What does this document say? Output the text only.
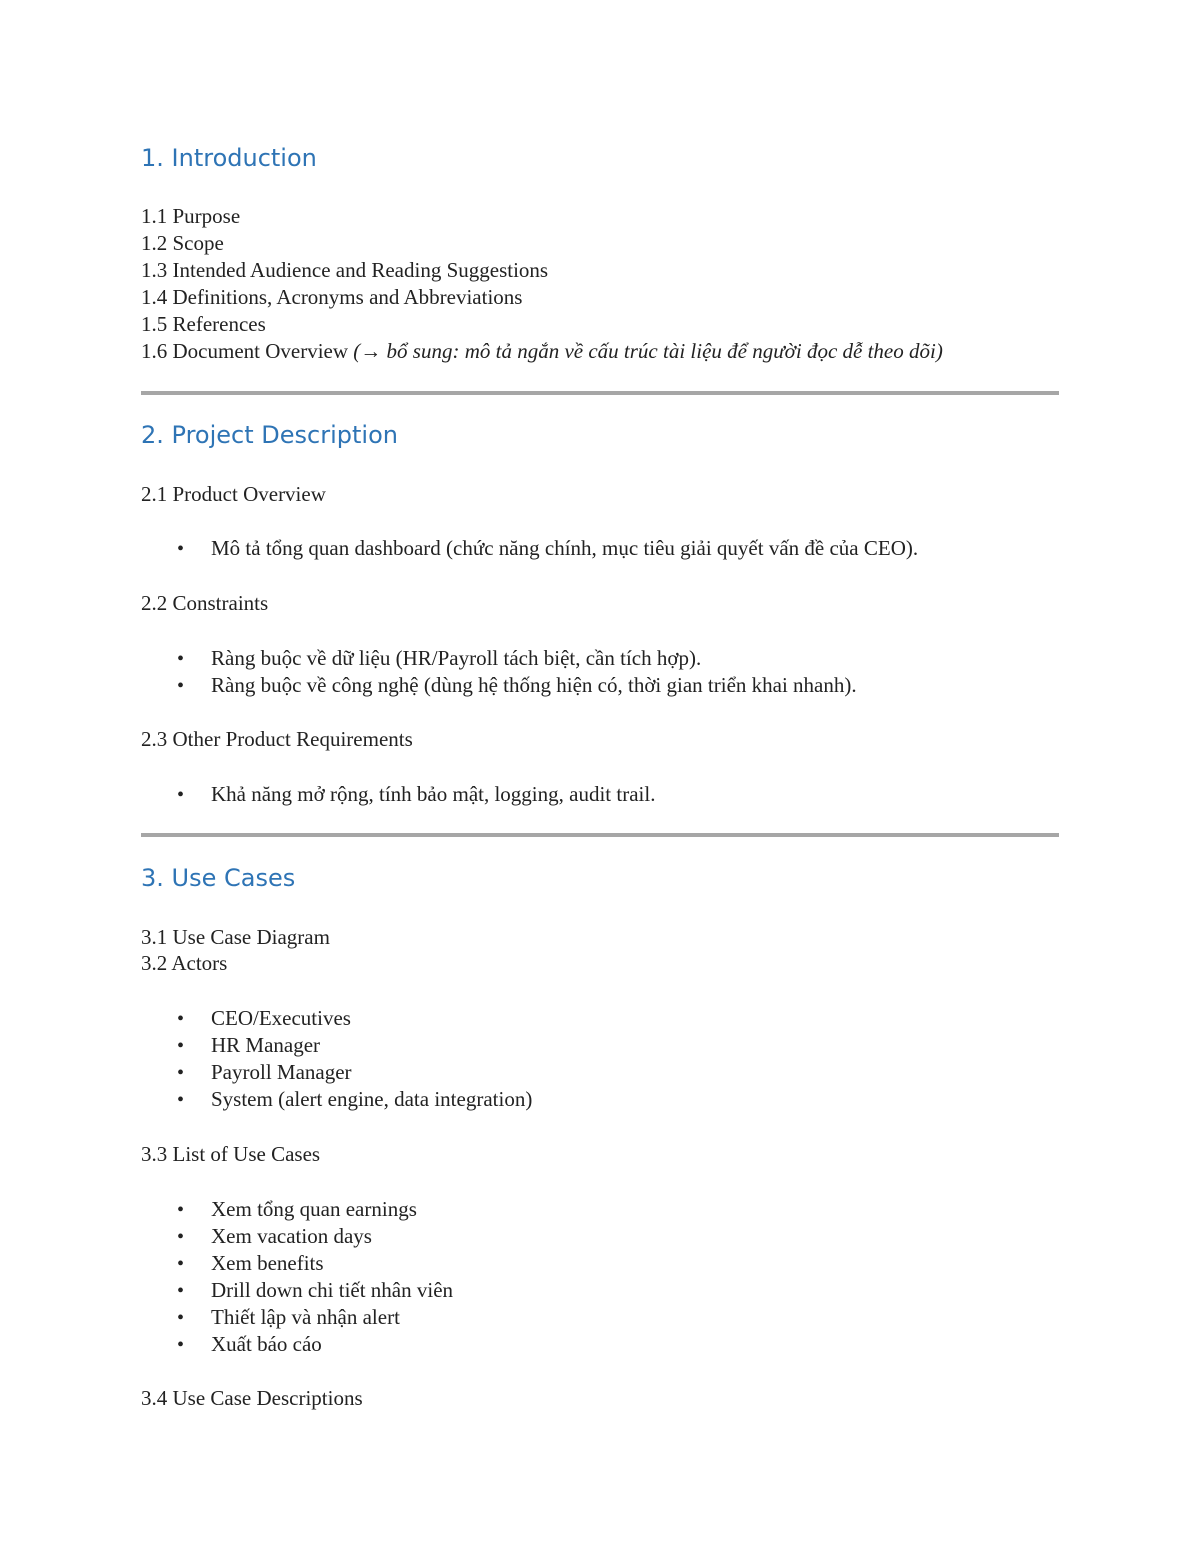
1. Introduction
1.1 Purpose
1.2 Scope
1.3 Intended Audience and Reading Suggestions
1.4 Definitions, Acronyms and Abbreviations
1.5 References
1.6 Document Overview (→ bổ sung: mô tả ngắn về cấu trúc tài liệu để người đọc dễ theo dõi)
2. Project Description
2.1 Product Overview
• Mô tả tổng quan dashboard (chức năng chính, mục tiêu giải quyết vấn đề của CEO).
2.2 Constraints
• Ràng buộc về dữ liệu (HR/Payroll tách biệt, cần tích hợp).
• Ràng buộc về công nghệ (dùng hệ thống hiện có, thời gian triển khai nhanh).
2.3 Other Product Requirements
• Khả năng mở rộng, tính bảo mật, logging, audit trail.
3. Use Cases
3.1 Use Case Diagram
3.2 Actors
• CEO/Executives
• HR Manager
• Payroll Manager
• System (alert engine, data integration)
3.3 List of Use Cases
• Xem tổng quan earnings
• Xem vacation days
• Xem benefits
• Drill down chi tiết nhân viên
• Thiết lập và nhận alert
• Xuất báo cáo
3.4 Use Case Descriptions
